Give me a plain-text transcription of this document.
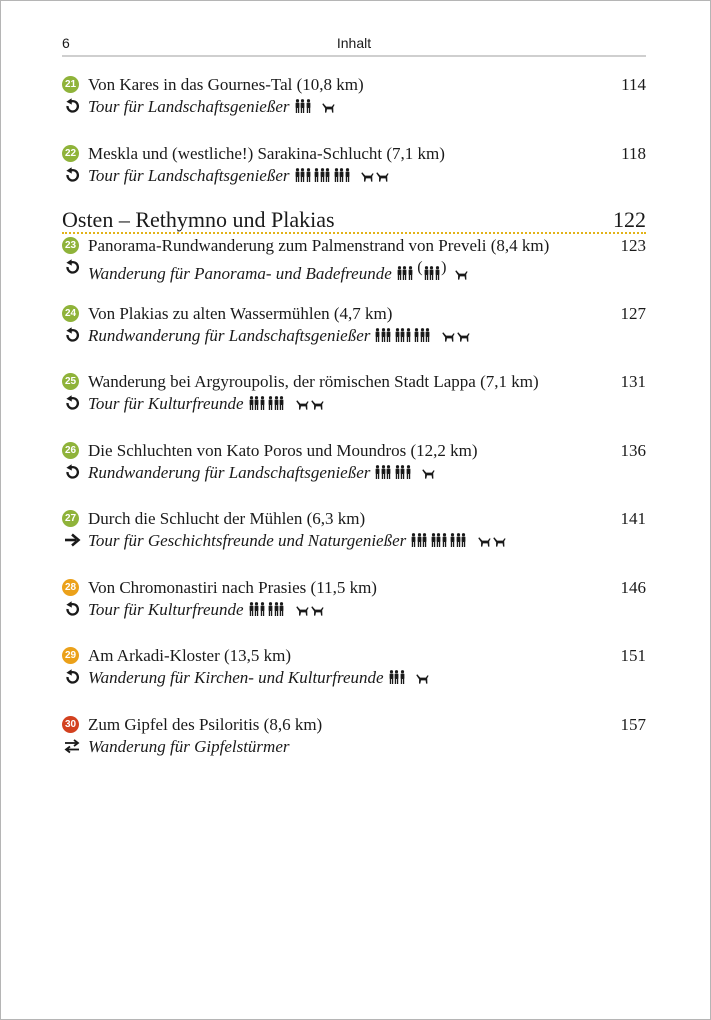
6	Inhalt
21 Von Kares in das Gournes-Tal (10,8 km)	114
Tour für Landschaftsgenießer
22 Meskla und (westliche!) Sarakina-Schlucht (7,1 km)	118
Tour für Landschaftsgenießer
Osten – Rethymno und Plakias	122
23 Panorama-Rundwanderung zum Palmenstrand von Preveli (8,4 km)	123
Wanderung für Panorama- und Badefreunde ( )
24 Von Plakias zu alten Wassermühlen (4,7 km)	127
Rundwanderung für Landschaftsgenießer
25 Wanderung bei Argyroupolis, der römischen Stadt Lappa (7,1 km)	131
Tour für Kulturfreunde
26 Die Schluchten von Kato Poros und Moundros (12,2 km)	136
Rundwanderung für Landschaftsgenießer
27 Durch die Schlucht der Mühlen (6,3 km)	141
Tour für Geschichtsfreunde und Naturgenießer
28 Von Chromonastiri nach Prasies (11,5 km)	146
Tour für Kulturfreunde
29 Am Arkadi-Kloster (13,5 km)	151
Wanderung für Kirchen- und Kulturfreunde
30 Zum Gipfel des Psiloritis (8,6 km)	157
Wanderung für Gipfelstürmer
